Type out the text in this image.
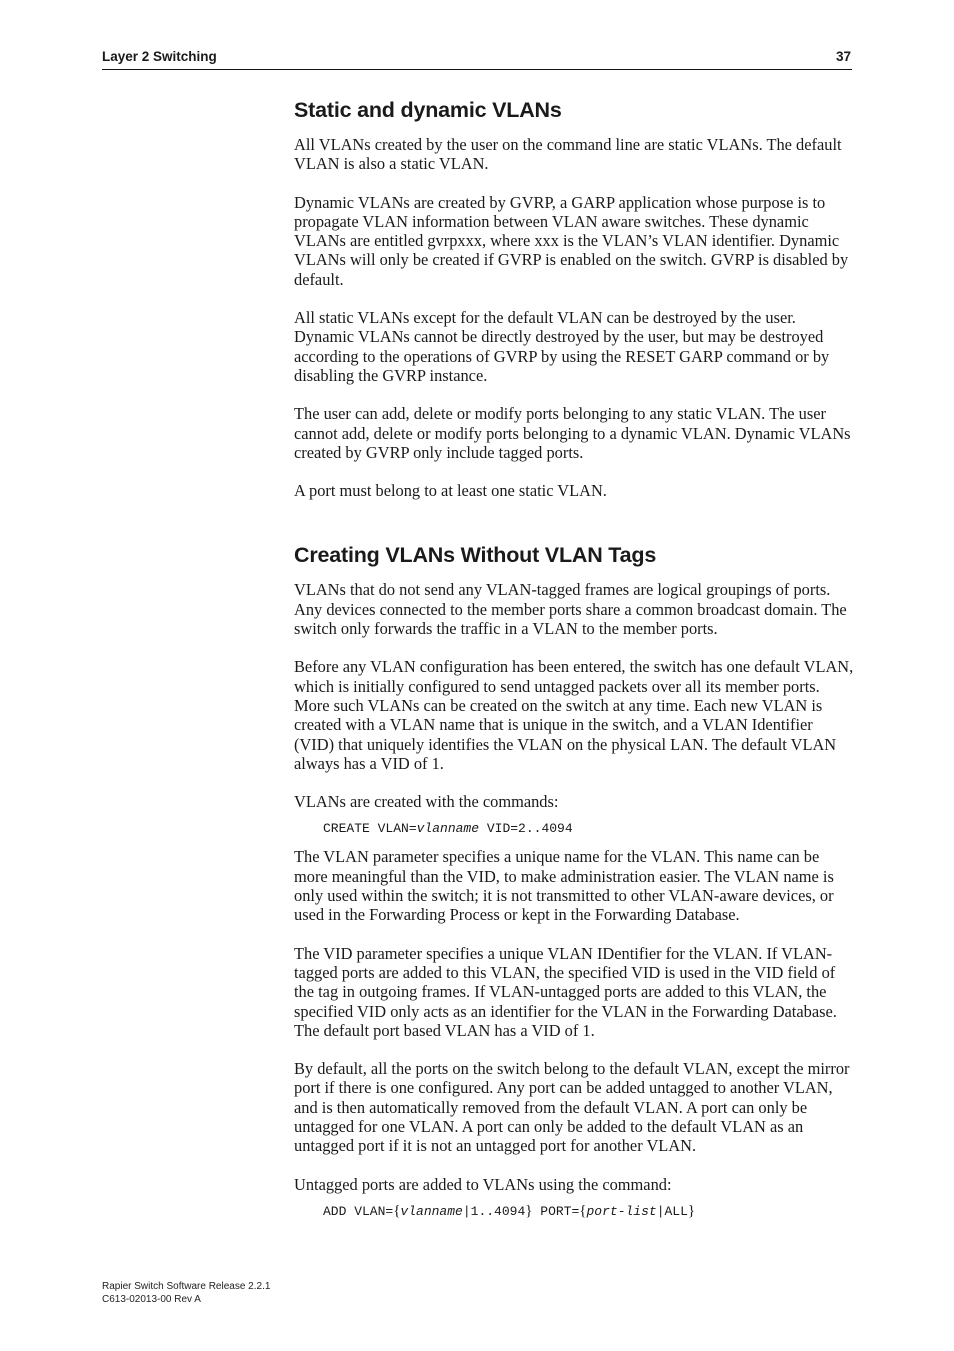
Layer 2 Switching	37
Static and dynamic VLANs

All VLANs created by the user on the command line are static VLANs. The default VLAN is also a static VLAN.

Dynamic VLANs are created by GVRP, a GARP application whose purpose is to propagate VLAN information between VLAN aware switches. These dynamic VLANs are entitled gvrpxxx, where xxx is the VLAN’s VLAN identifier. Dynamic VLANs will only be created if GVRP is enabled on the switch. GVRP is disabled by default.

All static VLANs except for the default VLAN can be destroyed by the user. Dynamic VLANs cannot be directly destroyed by the user, but may be destroyed according to the operations of GVRP by using the RESET GARP command or by disabling the GVRP instance.

The user can add, delete or modify ports belonging to any static VLAN. The user cannot add, delete or modify ports belonging to a dynamic VLAN. Dynamic VLANs created by GVRP only include tagged ports.

A port must belong to at least one static VLAN.

Creating VLANs Without VLAN Tags

VLANs that do not send any VLAN-tagged frames are logical groupings of ports. Any devices connected to the member ports share a common broadcast domain. The switch only forwards the traffic in a VLAN to the member ports.

Before any VLAN configuration has been entered, the switch has one default VLAN, which is initially configured to send untagged packets over all its member ports. More such VLANs can be created on the switch at any time. Each new VLAN is created with a VLAN name that is unique in the switch, and a VLAN Identifier (VID) that uniquely identifies the VLAN on the physical LAN. The default VLAN always has a VID of 1.

VLANs are created with the commands:

CREATE VLAN=vlanname VID=2..4094

The VLAN parameter specifies a unique name for the VLAN. This name can be more meaningful than the VID, to make administration easier. The VLAN name is only used within the switch; it is not transmitted to other VLAN-aware devices, or used in the Forwarding Process or kept in the Forwarding Database.

The VID parameter specifies a unique VLAN IDentifier for the VLAN. If VLAN-tagged ports are added to this VLAN, the specified VID is used in the VID field of the tag in outgoing frames. If VLAN-untagged ports are added to this VLAN, the specified VID only acts as an identifier for the VLAN in the Forwarding Database. The default port based VLAN has a VID of 1.

By default, all the ports on the switch belong to the default VLAN, except the mirror port if there is one configured. Any port can be added untagged to another VLAN, and is then automatically removed from the default VLAN. A port can only be untagged for one VLAN. A port can only be added to the default VLAN as an untagged port if it is not an untagged port for another VLAN.

Untagged ports are added to VLANs using the command:

ADD VLAN={vlanname|1..4094} PORT={port-list|ALL}
Rapier Switch Software Release 2.2.1
C613-02013-00 Rev A
